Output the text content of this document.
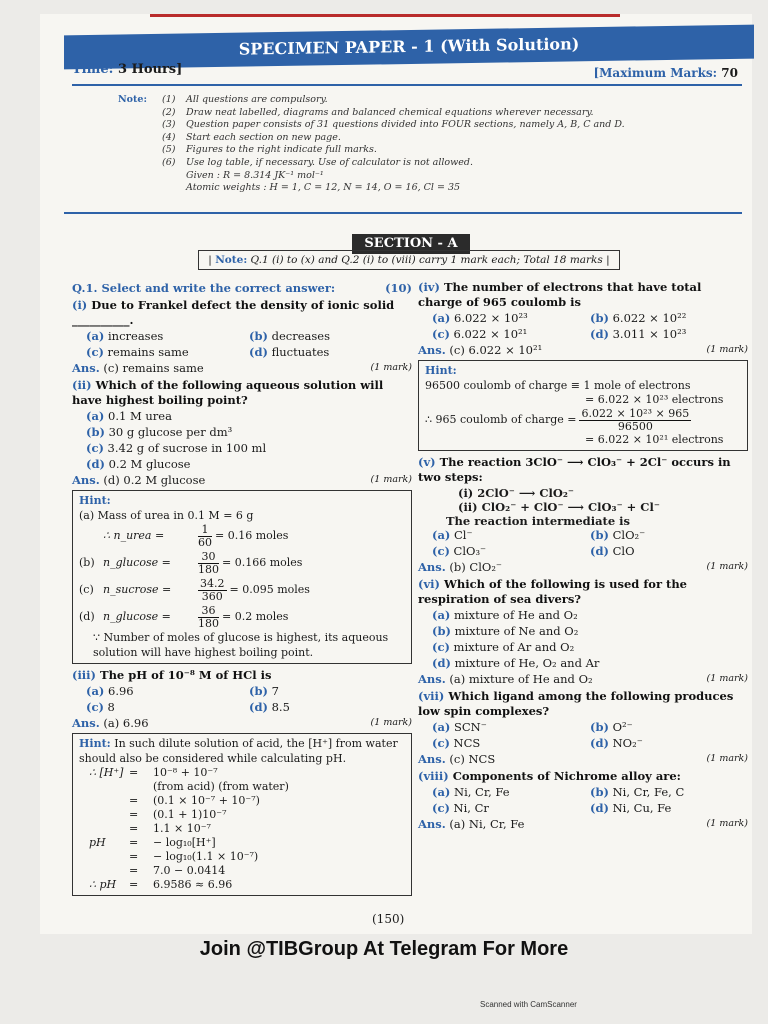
SPECIMEN PAPER - 1 (With Solution)
Time: 3 Hours]	[Maximum Marks: 70
Note: (1) All questions are compulsory.
(2) Draw neat labelled, diagrams and balanced chemical equations wherever necessary.
(3) Question paper consists of 31 questions divided into FOUR sections, namely A, B, C and D.
(4) Start each section on new page.
(5) Figures to the right indicate full marks.
(6) Use log table, if necessary. Use of calculator is not allowed.
Given : R = 8.314 JK⁻¹ mol⁻¹
Atomic weights : H = 1, C = 12, N = 14, O = 16, Cl = 35
SECTION - A
| Note: Q.1 (i) to (x) and Q.2 (i) to (viii) carry 1 mark each; Total 18 marks |
Q.1. Select and write the correct answer:	(10)
(i) Due to Frankel defect the density of ionic solid __________.
(a) increases	(b) decreases
(c) remains same	(d) fluctuates
Ans. (c) remains same	(1 mark)
(ii) Which of the following aqueous solution will have highest boiling point?
(a) 0.1 M urea
(b) 30 g glucose per dm³
(c) 3.42 g of sucrose in 100 ml
(d) 0.2 M glucose
Ans. (d) 0.2 M glucose	(1 mark)
Hint:
(a) Mass of urea in 0.1 M = 6 g
∴ n_urea =	$\frac{1}{60} = 0.16$ moles
(b) n_glucose =	$\frac{30}{180} = 0.166$ moles
(c) n_sucrose =	$\frac{34.2}{360} = 0.095$ moles
(d) n_glucose =	$\frac{36}{180} = 0.2$ moles
∵ Number of moles of glucose is highest, its aqueous solution will have highest boiling point.
(iii) The pH of 10⁻⁸ M of HCl is
(a) 6.96	(b) 7
(c) 8	(d) 8.5
Ans. (a) 6.96	(1 mark)
Hint: In such dilute solution of acid, the [H⁺] from water should also be considered while calculating pH.
∴ [H⁺] =	10⁻⁸ + 10⁻⁷
(from acid) (from water)
=	(0.1 × 10⁻⁷ + 10⁻⁷)
=	(0.1 + 1)10⁻⁷
=	1.1 × 10⁻⁷
pH	=	− log₁₀[H⁺]
=	− log₁₀(1.1 × 10⁻⁷)
=	7.0 − 0.0414
∴ pH	=	6.9586 ≈ 6.96
(iv) The number of electrons that have total charge of 965 coulomb is
(a) 6.022 × 10²³	(b) 6.022 × 10²²
(c) 6.022 × 10²¹	(d) 3.011 × 10²³
Ans. (c) 6.022 × 10²¹	(1 mark)
Hint:
96500 coulomb of charge ≡ 1 mole of electrons
= 6.022 × 10²³ electrons
∴ 965 coulomb of charge = $\frac{\text{6.022 × 10²³ × 965}}{96500}$
= 6.022 × 10²¹ electrons
(v) The reaction 3ClO⁻ ⟶ ClO₃⁻ + 2Cl⁻ occurs in two steps:
(i) 2ClO⁻ ⟶ ClO₂⁻
(ii) ClO₂⁻ + ClO⁻ ⟶ ClO₃⁻ + Cl⁻
The reaction intermediate is
(a) Cl⁻	(b) ClO₂⁻
(c) ClO₃⁻	(d) ClO
Ans. (b) ClO₂⁻	(1 mark)
(vi) Which of the following is used for the respiration of sea divers?
(a) mixture of He and O₂
(b) mixture of Ne and O₂
(c) mixture of Ar and O₂
(d) mixture of He, O₂ and Ar
Ans. (a) mixture of He and O₂	(1 mark)
(vii) Which ligand among the following produces low spin complexes?
(a) SCN⁻	(b) O²⁻
(c) NCS	(d) NO₂⁻
Ans. (c) NCS	(1 mark)
(viii) Components of Nichrome alloy are:
(a) Ni, Cr, Fe	(b) Ni, Cr, Fe, C
(c) Ni, Cr	(d) Ni, Cu, Fe
Ans. (a) Ni, Cr, Fe	(1 mark)
(150)
Join @TIBGroup At Telegram For More
Scanned with CamScanner
